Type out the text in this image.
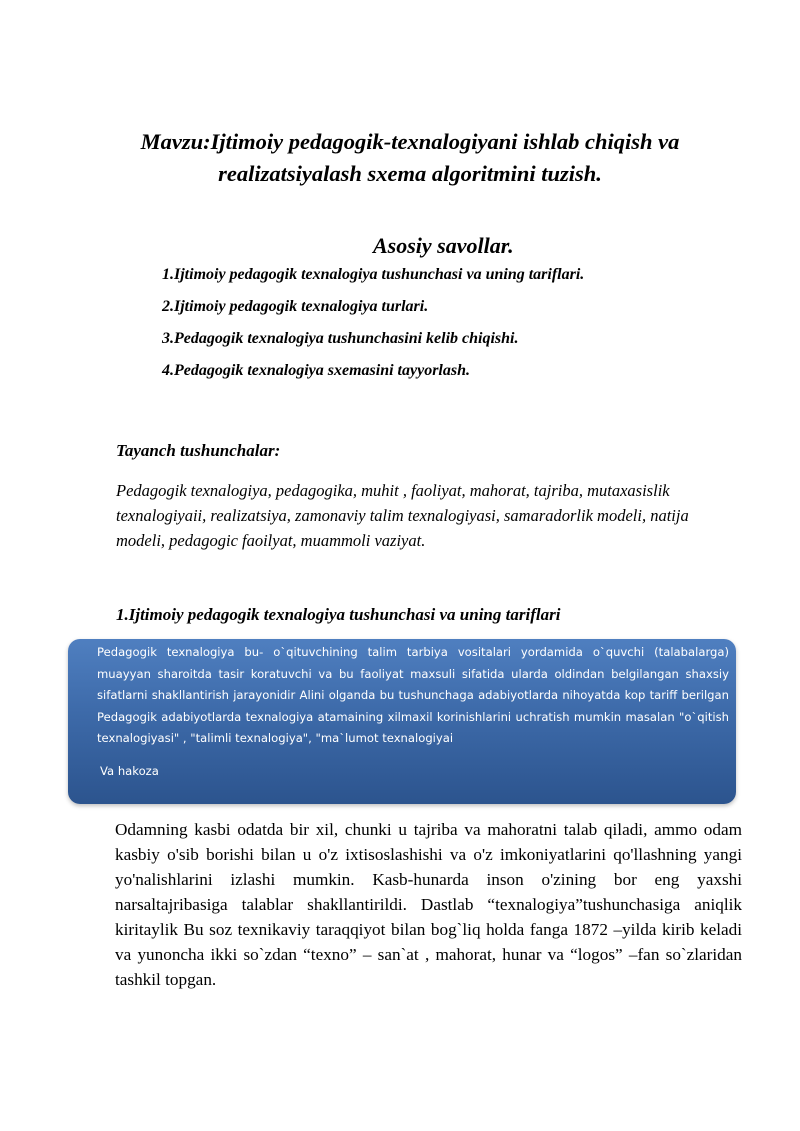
Mavzu:Ijtimoiy pedagogik-texnalogiyani ishlab chiqish va
realizatsiyalash sxema algoritmini tuzish.
Asosiy savollar.
1.Ijtimoiy pedagogik texnalogiya tushunchasi va uning tariflari.
2.Ijtimoiy pedagogik texnalogiya turlari.
3.Pedagogik texnalogiya tushunchasini kelib chiqishi.
4.Pedagogik texnalogiya sxemasini tayyorlash.
Tayanch tushunchalar:
Pedagogik texnalogiya, pedagogika, muhit , faoliyat, mahorat, tajriba, mutaxasislik texnalogiyaii, realizatsiya, zamonaviy talim texnalogiyasi, samaradorlik modeli, natija modeli, pedagogic faoilyat, muammoli vaziyat.
1.Ijtimoiy pedagogik texnalogiya tushunchasi va uning tariflari

Pedagogik texnalogiya bu- o`qituvchining talim tarbiya vositalari yordamida o`quvchi (talabalarga) muayyan sharoitda tasir koratuvchi va bu faoliyat maxsuli sifatida ularda oldindan belgilangan shaxsiy sifatlarni shakllantirish jarayonidir Alini olganda bu tushunchaga adabiyotlarda nihoyatda kop tariff berilgan Pedagogik adabiyotlarda texnalogiya atamaining xilmaxil korinishlarini uchratish mumkin masalan "o`qitish texnalogiyasi" , "talimli texnalogiya", "ma`lumot texnalogiyai

Va hakoza

Odamning kasbi odatda bir xil, chunki u tajriba va mahoratni talab qiladi, ammo odam kasbiy o'sib borishi bilan u o'z ixtisoslashishi va o'z imkoniyatlarini qo'llashning yangi yo'nalishlarini izlashi mumkin. Kasb-hunarda inson o'zining bor eng yaxshi narsaltajribasiga talablar shakllantirildi. Dastlab “texnalogiya”tushunchasiga aniqlik kiritaylik Bu soz texnikaviy taraqqiyot bilan bog`liq holda fanga 1872 –yilda kirib keladi va yunoncha ikki so`zdan “texno” – san`at , mahorat, hunar va “logos” –fan so`zlaridan tashkil topgan.
